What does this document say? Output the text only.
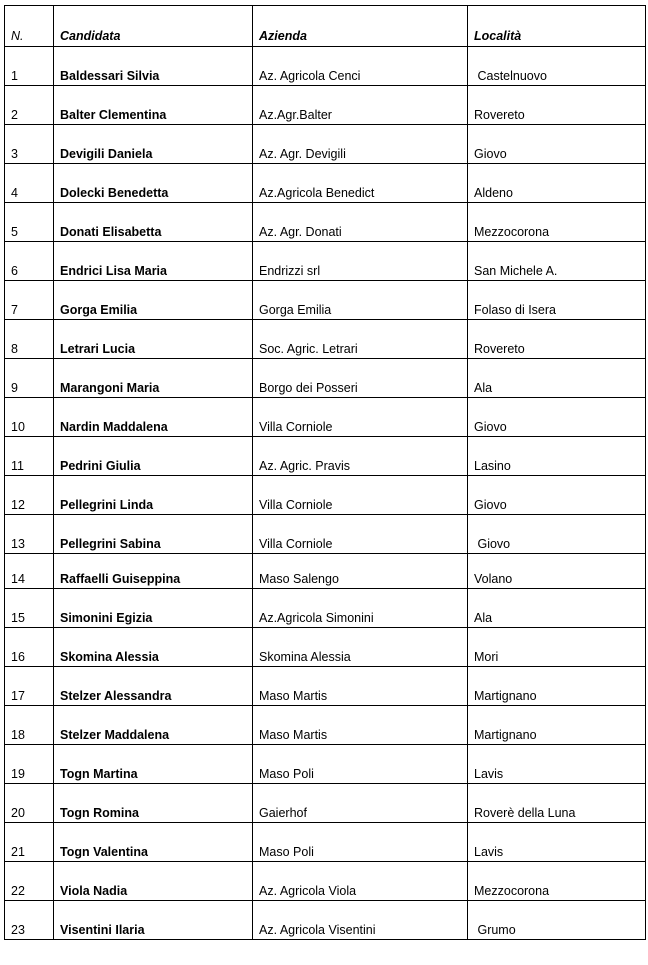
N.	Candidata	Azienda	Località
1	Baldessari Silvia	Az. Agricola Cenci	Castelnuovo
2	Balter Clementina	Az.Agr.Balter	Rovereto
3	Devigili Daniela	Az. Agr. Devigili	Giovo
4	Dolecki Benedetta	Az.Agricola Benedict	Aldeno
5	Donati Elisabetta	Az. Agr. Donati	Mezzocorona
6	Endrici Lisa Maria	Endrizzi srl	San Michele A.
7	Gorga Emilia	Gorga Emilia	Folaso di Isera
8	Letrari Lucia	Soc. Agric. Letrari	Rovereto
9	Marangoni Maria	Borgo dei Posseri	Ala
10	Nardin Maddalena	Villa Corniole	Giovo
11	Pedrini Giulia	Az. Agric. Pravis	Lasino
12	Pellegrini Linda	Villa Corniole	Giovo
13	Pellegrini Sabina	Villa Corniole	Giovo
14	Raffaelli Guiseppina	Maso Salengo	Volano
15	Simonini Egizia	Az.Agricola Simonini	Ala
16	Skomina Alessia	Skomina Alessia	Mori
17	Stelzer Alessandra	Maso Martis	Martignano
18	Stelzer Maddalena	Maso Martis	Martignano
19	Togn Martina	Maso Poli	Lavis
20	Togn Romina	Gaierhof	Roverè della Luna
21	Togn Valentina	Maso Poli	Lavis
22	Viola Nadia	Az. Agricola Viola	Mezzocorona
23	Visentini Ilaria	Az. Agricola Visentini	Grumo
